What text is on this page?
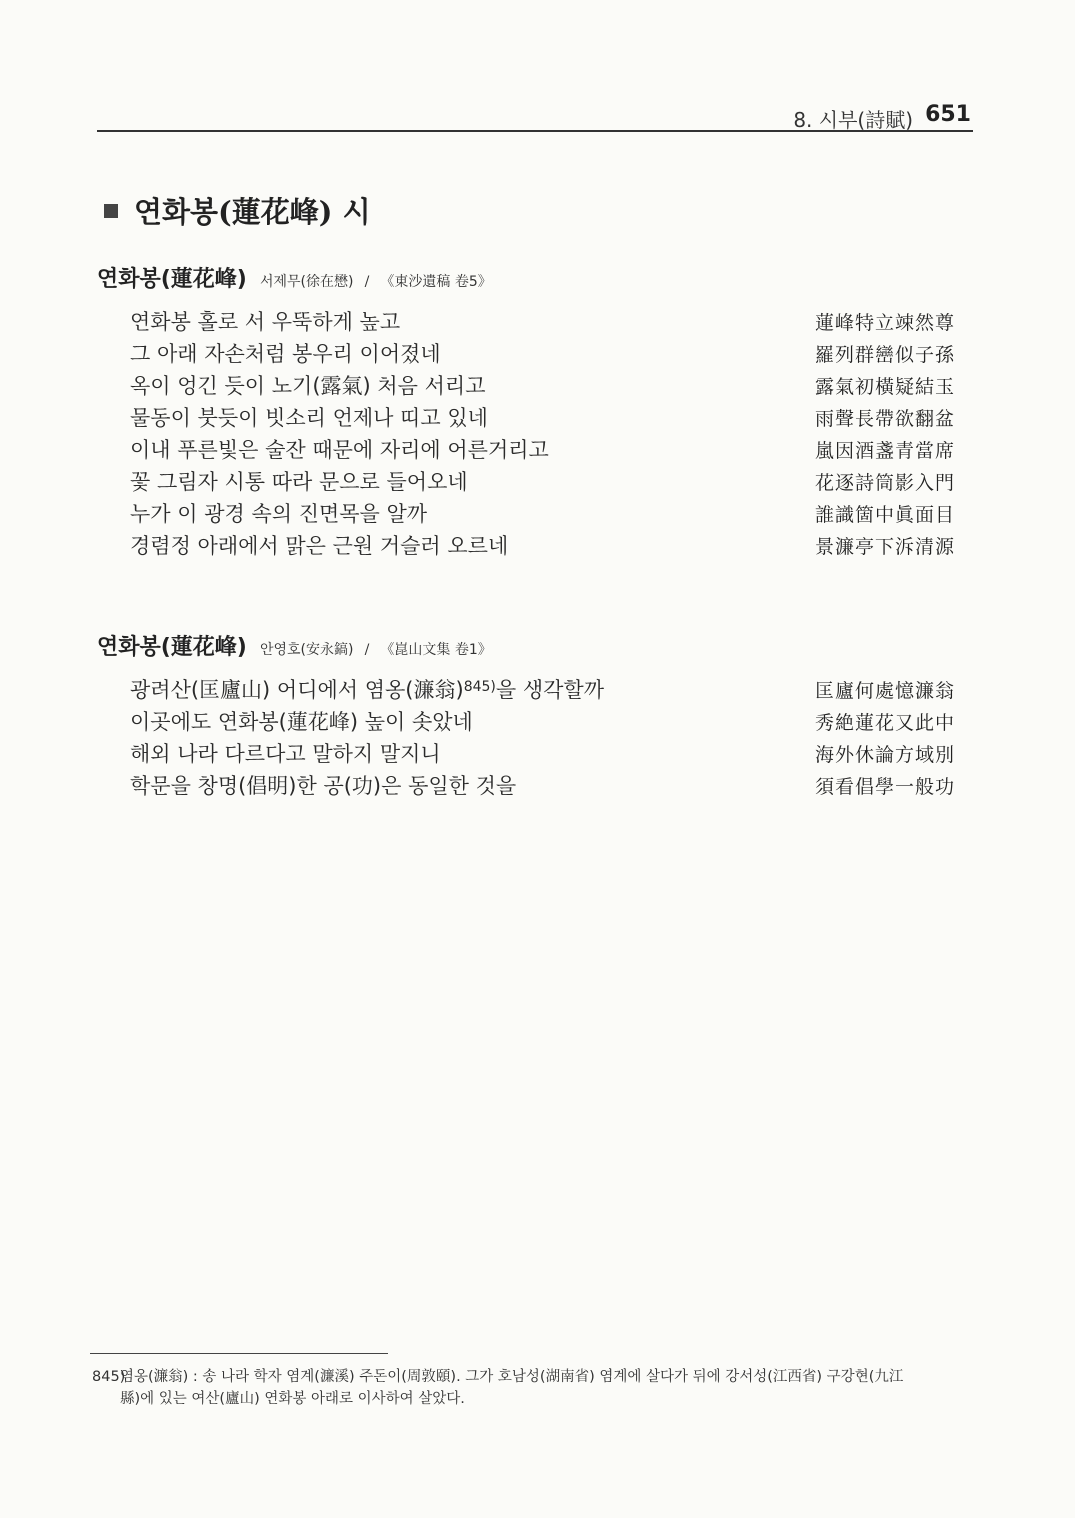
8. 시부(詩賦) 651
연화봉(蓮花峰) 시
연화봉(蓮花峰) 서제무(徐在懋) / 《東沙遺稿 卷5》
연화봉 홀로 서 우뚝하게 높고	蓮峰特立竦然尊
그 아래 자손처럼 봉우리 이어졌네	羅列群巒似子孫
옥이 엉긴 듯이 노기(露氣) 처음 서리고	露氣初橫疑結玉
물동이 붓듯이 빗소리 언제나 띠고 있네	雨聲長帶欲翻盆
이내 푸른빛은 술잔 때문에 자리에 어른거리고	嵐因酒盞青當席
꽃 그림자 시통 따라 문으로 들어오네	花逐詩筒影入門
누가 이 광경 속의 진면목을 알까	誰識箇中眞面目
경렴정 아래에서 맑은 근원 거슬러 오르네	景濂亭下泝清源
연화봉(蓮花峰) 안영호(安永鎬) / 《崑山文集 卷1》
광려산(匡廬山) 어디에서 염옹(濂翁)$^{845)}$을 생각할까	匡廬何處憶濂翁
이곳에도 연화봉(蓮花峰) 높이 솟았네	秀絶蓮花又此中
해외 나라 다르다고 말하지 말지니	海外休論方域別
학문을 창명(倡明)한 공(功)은 동일한 것을	須看倡學一般功
845)염옹(濂翁) : 송 나라 학자 염계(濂溪) 주돈이(周敦頤). 그가 호남성(湖南省) 염계에 살다가 뒤에 강서성(江西省) 구강현(九江
縣)에 있는 여산(廬山) 연화봉 아래로 이사하여 살았다.
